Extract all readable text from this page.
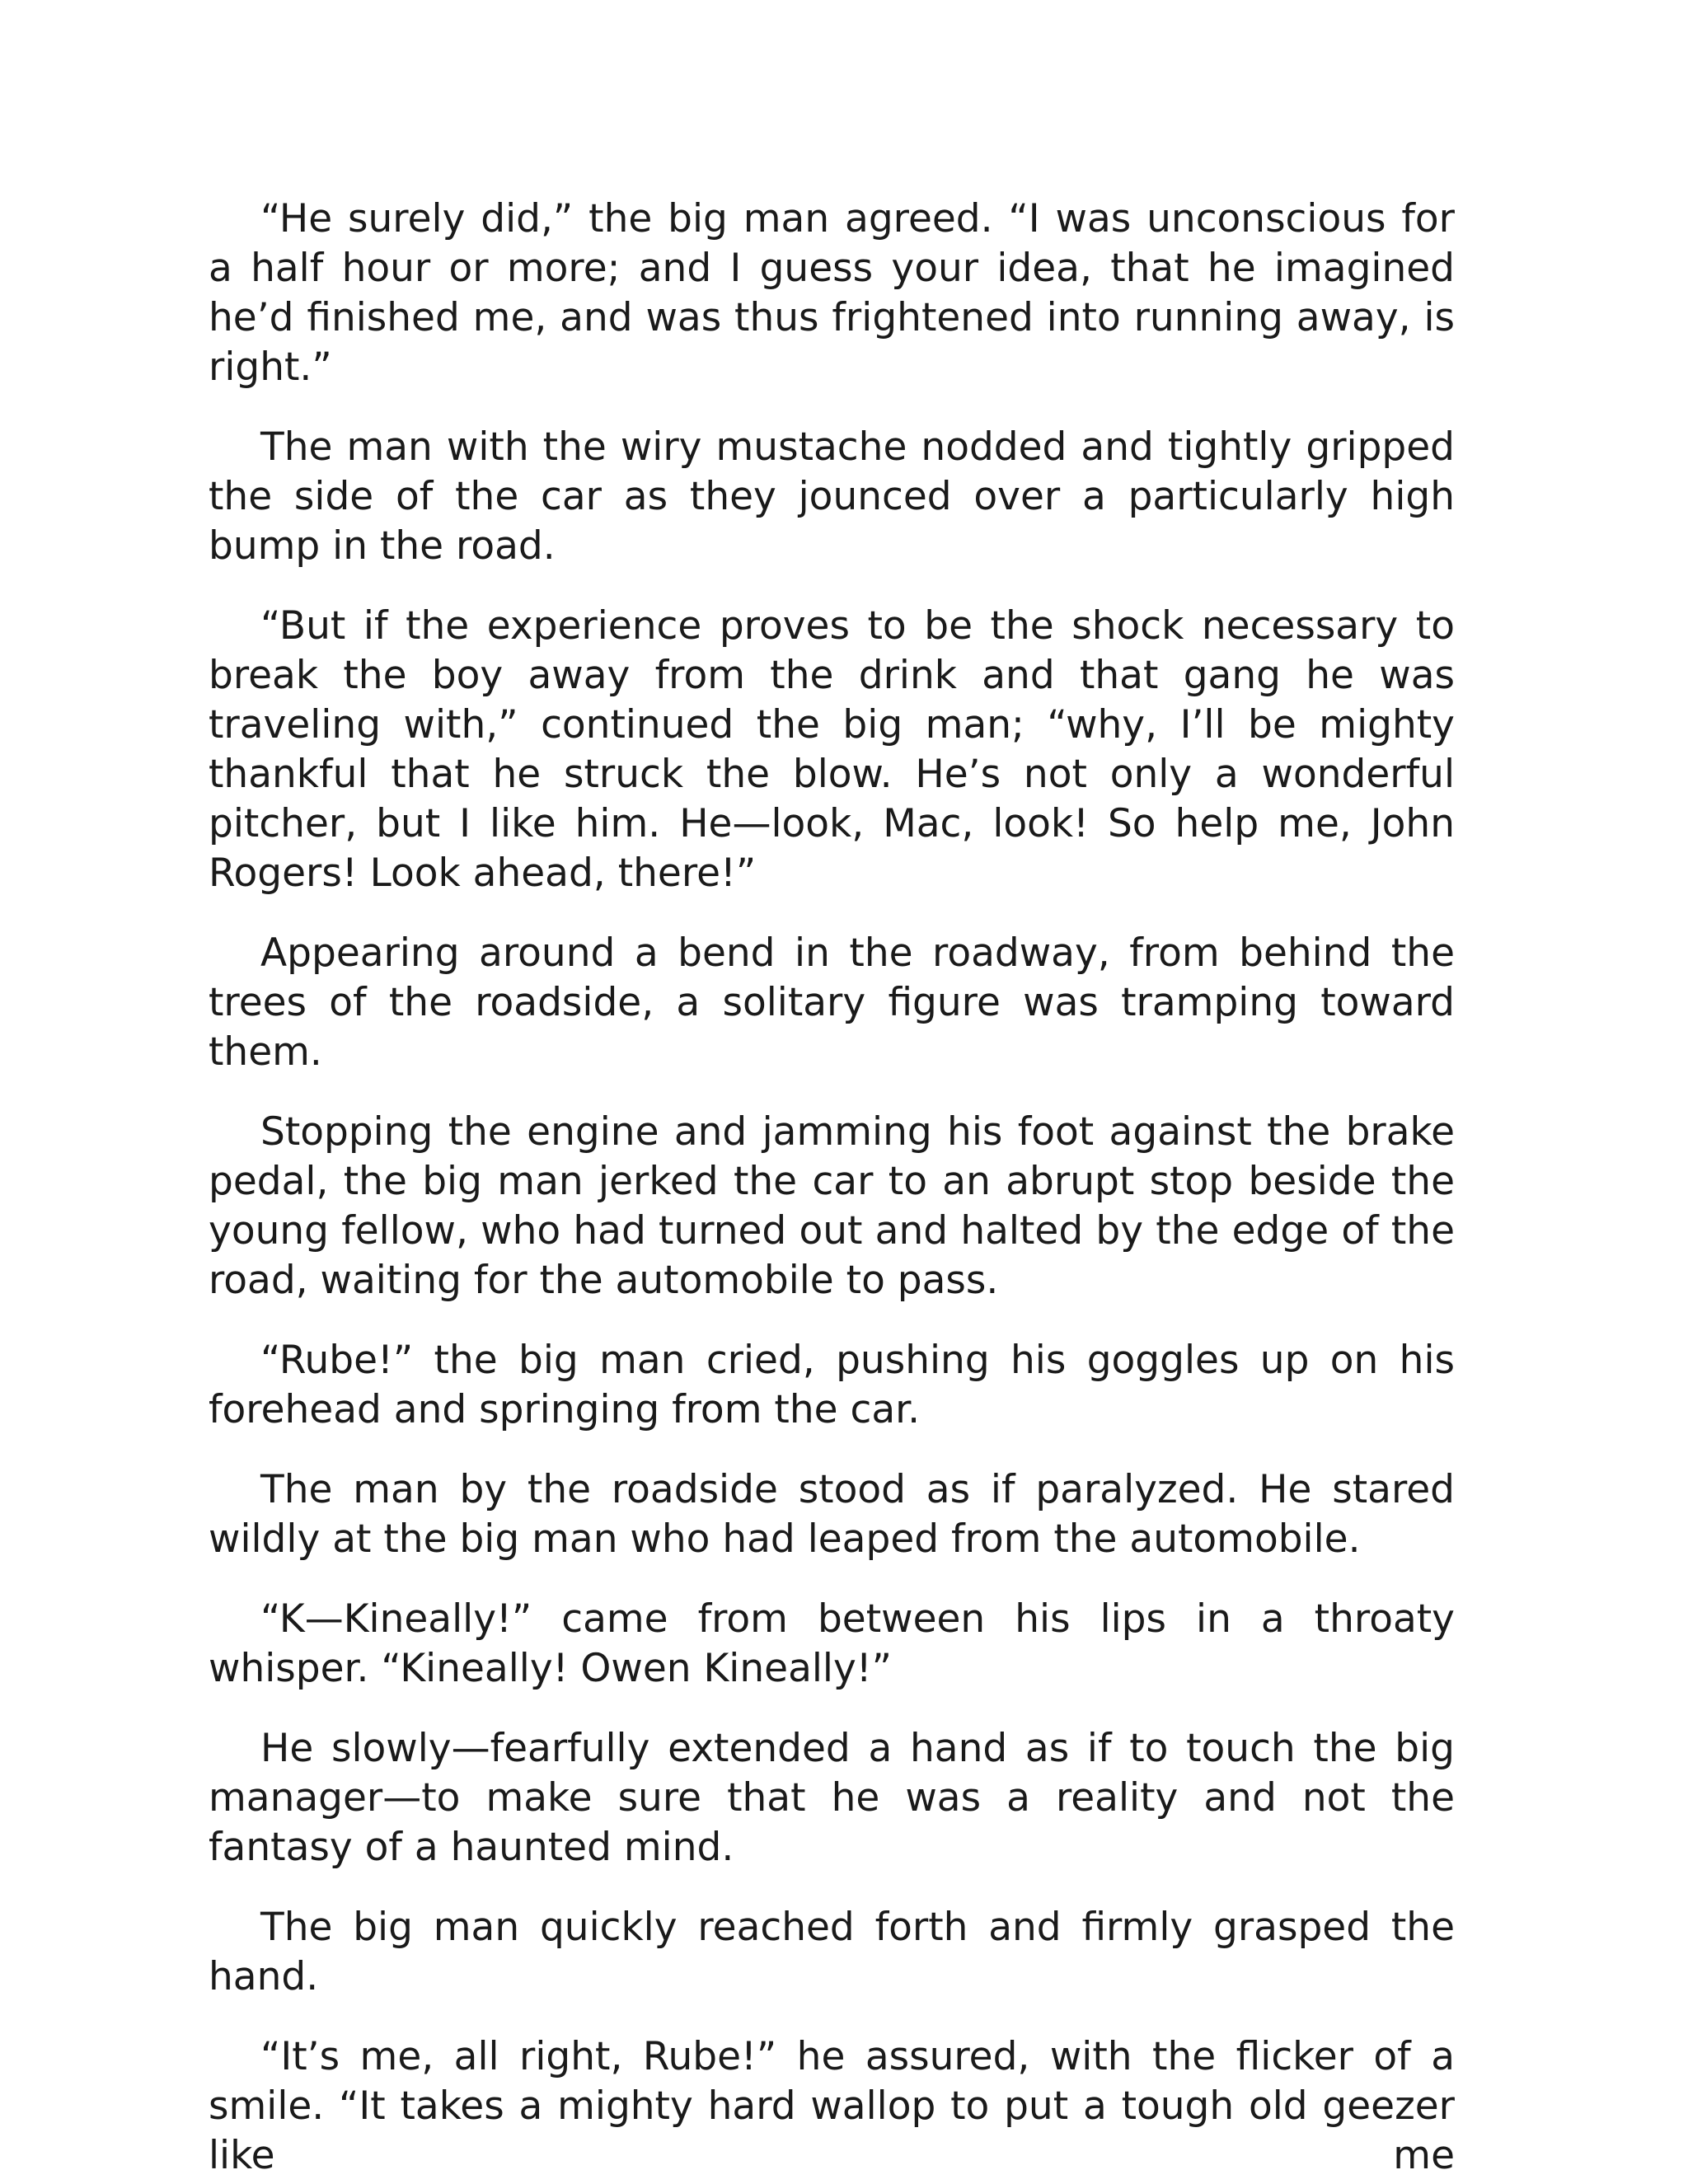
“He surely did,” the big man agreed. “I was unconscious for a half hour or more; and I guess your idea, that he imagined he’d finished me, and was thus frightened into running away, is right.”

The man with the wiry mustache nodded and tightly gripped the side of the car as they jounced over a particularly high bump in the road.

“But if the experience proves to be the shock necessary to break the boy away from the drink and that gang he was traveling with,” continued the big man; “why, I’ll be mighty thankful that he struck the blow. He’s not only a wonderful pitcher, but I like him. He—look, Mac, look! So help me, John Rogers! Look ahead, there!”

Appearing around a bend in the roadway, from behind the trees of the roadside, a solitary figure was tramping toward them.

Stopping the engine and jamming his foot against the brake pedal, the big man jerked the car to an abrupt stop beside the young fellow, who had turned out and halted by the edge of the road, waiting for the automobile to pass.

“Rube!” the big man cried, pushing his goggles up on his forehead and springing from the car.

The man by the roadside stood as if paralyzed. He stared wildly at the big man who had leaped from the automobile.

“K—Kineally!” came from between his lips in a throaty whisper. “Kineally! Owen Kineally!”

He slowly—fearfully extended a hand as if to touch the big manager—to make sure that he was a reality and not the fantasy of a haunted mind.

The big man quickly reached forth and firmly grasped the hand.

“It’s me, all right, Rube!” he assured, with the flicker of a smile. “It takes a mighty hard wallop to put a tough old geezer like me
